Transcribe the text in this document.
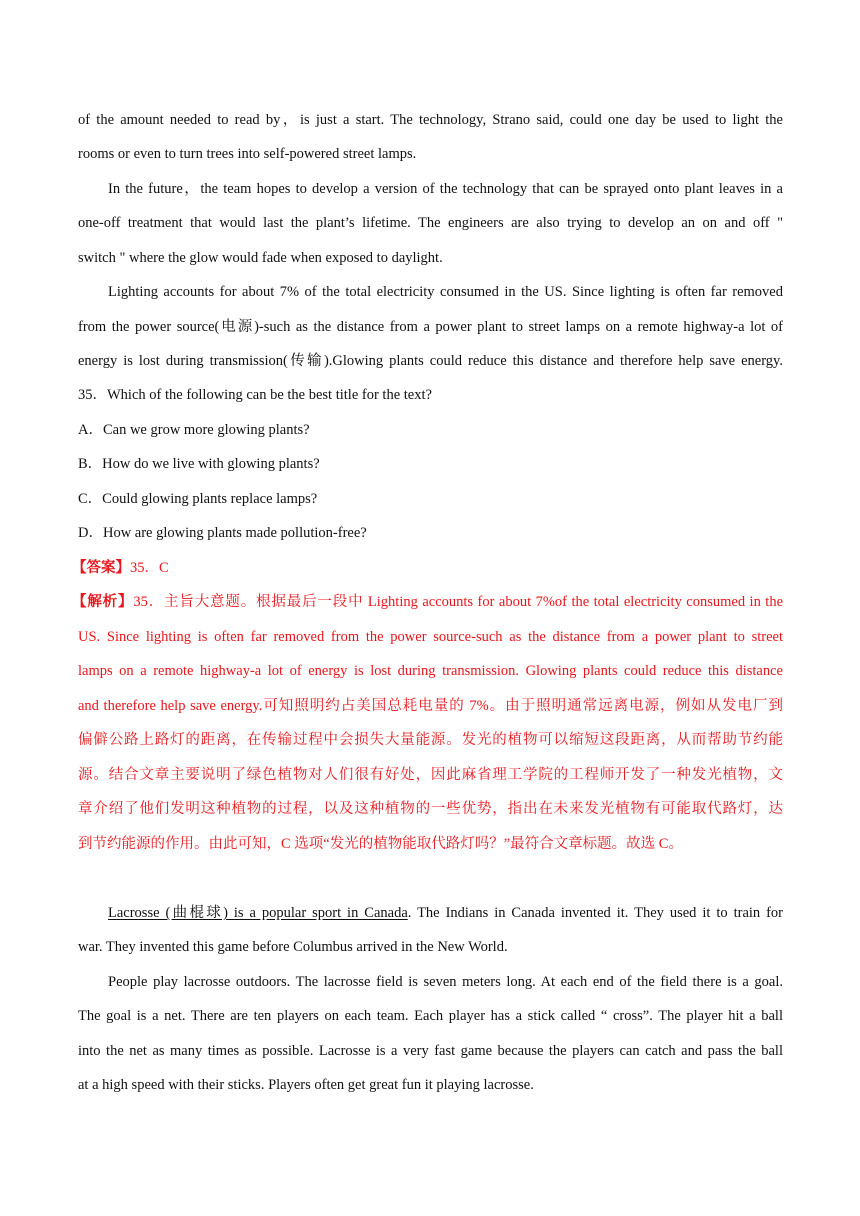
of the amount needed to read by，is just a start. The technology, Strano said, could one day be used to light the
rooms or even to turn trees into self-powered street lamps.
In the future，the team hopes to develop a version of the technology that can be sprayed onto plant leaves in a
one-off treatment that would last the plant’s lifetime. The engineers are also trying to develop an on and off "
switch " where the glow would fade when exposed to daylight.
Lighting accounts for about 7% of the total electricity consumed in the US. Since lighting is often far removed
from the power source(电源)-such as the distance from a power plant to street lamps on a remote highway-a lot of
energy is lost during transmission(传输).Glowing plants could reduce this distance and therefore help save energy.
35．Which of the following can be the best title for the text?
A．Can we grow more glowing plants?
B．How do we live with glowing plants?
C．Could glowing plants replace lamps?
D．How are glowing plants made pollution-free?
【答案】35．C
【解析】35．主旨大意题。根据最后一段中 Lighting accounts for about 7%of the total electricity consumed in the
US. Since lighting is often far removed from the power source-such as the distance from a power plant to street
lamps on a remote highway-a lot of energy is lost during transmission. Glowing plants could reduce this distance
and therefore help save energy.可知照明约占美国总耗电量的 7%。由于照明通常远离电源，例如从发电厂到
偏僻公路上路灯的距离，在传输过程中会损失大量能源。发光的植物可以缩短这段距离，从而帮助节约能
源。结合文章主要说明了绿色植物对人们很有好处，因此麻省理工学院的工程师开发了一种发光植物，文
章介绍了他们发明这种植物的过程，以及这种植物的一些优势，指出在未来发光植物有可能取代路灯，达
到节约能源的作用。由此可知，C 选项“发光的植物能取代路灯吗？”最符合文章标题。故选 C。
Lacrosse (曲棍球) is a popular sport in Canada. The Indians in Canada invented it. They used it to train for
war. They invented this game before Columbus arrived in the New World.
People play lacrosse outdoors. The lacrosse field is seven meters long. At each end of the field there is a goal.
The goal is a net. There are ten players on each team. Each player has a stick called “ cross”. The player hit a ball
into the net as many times as possible. Lacrosse is a very fast game because the players can catch and pass the ball
at a high speed with their sticks. Players often get great fun it playing lacrosse.
